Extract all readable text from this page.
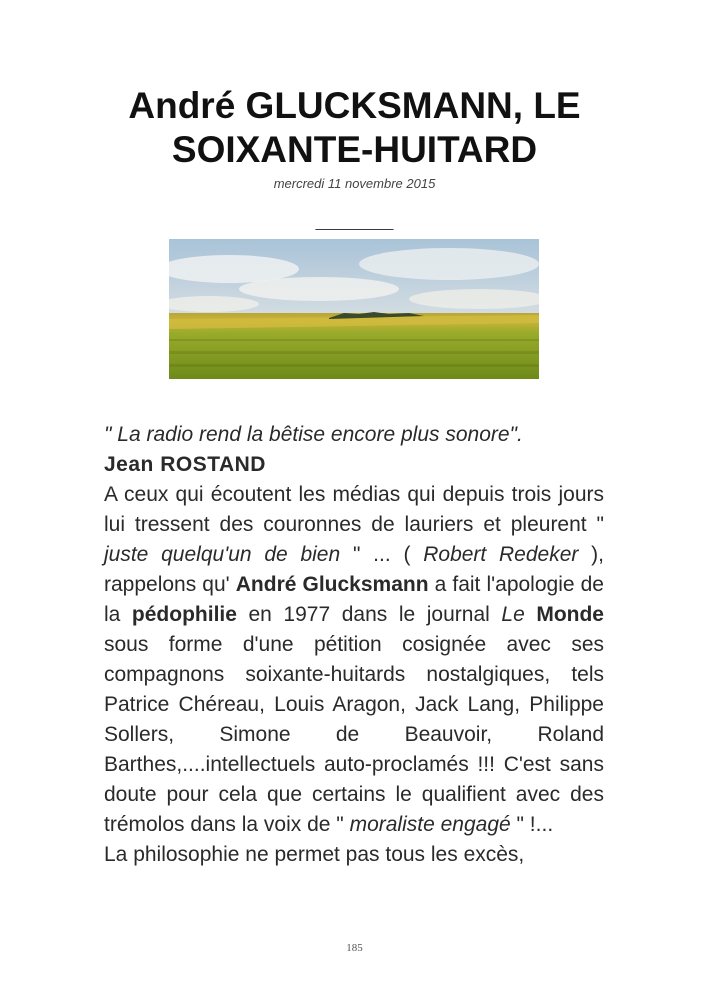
André GLUCKSMANN, LE
SOIXANTE-HUITARD
mercredi 11 novembre 2015
__________

" La radio rend la bêtise encore plus sonore".

Jean ROSTAND

A ceux qui écoutent les médias qui depuis trois jours lui tressent des couronnes de lauriers et pleurent " juste quelqu'un de bien " ... ( Robert Redeker ), rappelons qu' André Glucksmann a fait l'apologie de la pédophilie en 1977 dans le journal Le Monde sous forme d'une pétition cosignée avec ses compagnons soixante-huitards nostalgiques, tels Patrice Chéreau, Louis Aragon, Jack Lang, Philippe Sollers, Simone de Beauvoir, Roland Barthes,....intellectuels auto-proclamés !!! C'est sans doute pour cela que certains le qualifient avec des trémolos dans la voix de " moraliste engagé " !...

La philosophie ne permet pas tous les excès,

185
